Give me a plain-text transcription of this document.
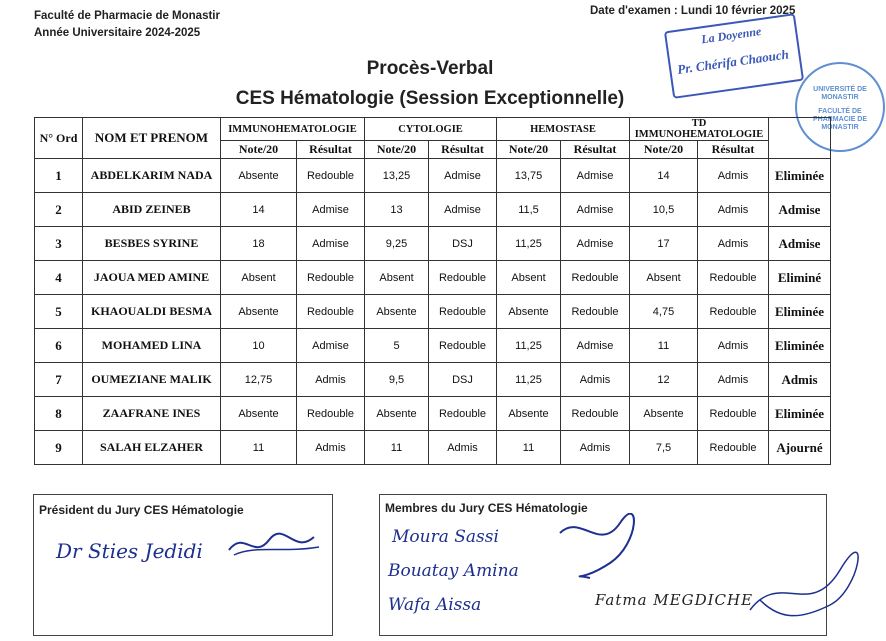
Faculté de Pharmacie de Monastir
Année Universitaire 2024-2025
Date d'examen : Lundi 10 février 2025
Procès-Verbal
CES Hématologie (Session Exceptionnelle)
La Doyenne
Pr. Chérifa Chaouch
UNIVERSITÉ DE MONASTIR
FACULTÉ DE PHARMACIE DE MONASTIR
N° Ord	NOM ET PRENOM	IMMUNOHEMATOLOGIE		CYTOLOGIE		HEMOSTASE		TD IMMUNOHEMATOLOGIE		
		Note/20	Résultat	Note/20	Résultat	Note/20	Résultat	Note/20	Résultat	
1	ABDELKARIM NADA	Absente	Redouble	13,25	Admise	13,75	Admise	14	Admis	Eliminée
2	ABID ZEINEB	14	Admise	13	Admise	11,5	Admise	10,5	Admis	Admise
3	BESBES SYRINE	18	Admise	9,25	DSJ	11,25	Admise	17	Admis	Admise
4	JAOUA MED AMINE	Absent	Redouble	Absent	Redouble	Absent	Redouble	Absent	Redouble	Eliminé
5	KHAOUALDI BESMA	Absente	Redouble	Absente	Redouble	Absente	Redouble	4,75	Redouble	Eliminée
6	MOHAMED LINA	10	Admise	5	Redouble	11,25	Admise	11	Admis	Eliminée
7	OUMEZIANE MALIK	12,75	Admis	9,5	DSJ	11,25	Admis	12	Admis	Admis
8	ZAAFRANE INES	Absente	Redouble	Absente	Redouble	Absente	Redouble	Absente	Redouble	Eliminée
9	SALAH ELZAHER	11	Admis	11	Admis	11	Admis	7,5	Redouble	Ajourné
Président du Jury CES Hématologie
Dr Sties Jedidi
Membres du Jury CES Hématologie
Moura Sassi
Bouatay Amina
Wafa Aissa	Fatma MEGDICHE
